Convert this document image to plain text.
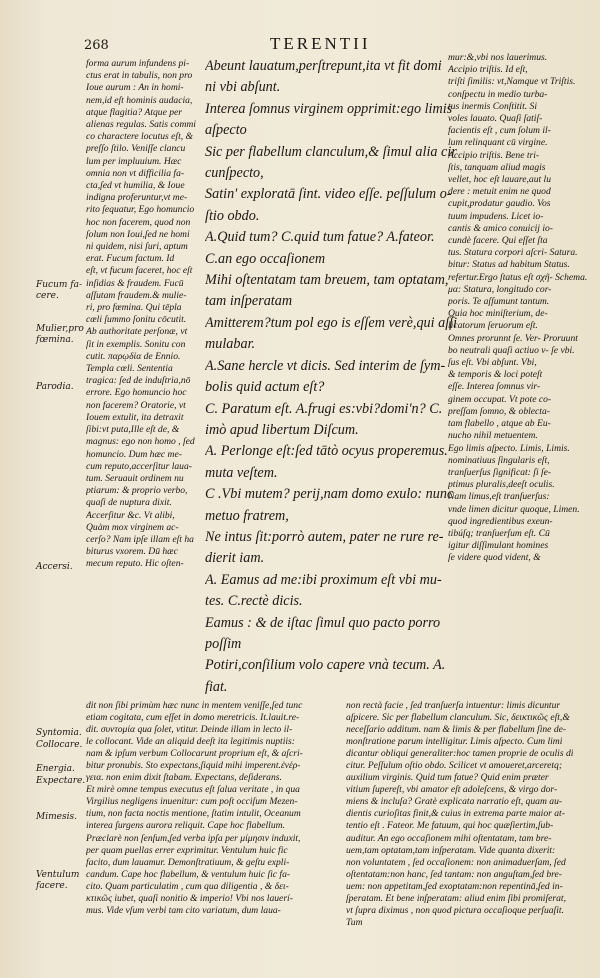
268	TERENTII
Fucum fa-cere.
Mulier,pro fœmina.
Parodia.
Accersi.
Syntomia.
Collocare.
Energia.
Expectare.
Mimesis.
Ventulum facere.
forma aurum infundens pi-
ctus erat in tabulis, non pro
Ioue aurum : An in homi-
nem,id eſt hominis audacia,
atque flagitia? Atque per
alienas regulas. Satis commi
co charactere locutus eſt, &
preſſo ſtilo. Veniſſe clancu
lum per impluuium. Hæc
omnia non vt difficilia fa-
cta,ſed vt humilia, & Ioue
indigna proferuntur,vt me-
rito ſequatur, Ego homuncio
hoc non facerem, quod non
ſolum non Ioui,ſed ne homi
ni quidem, nisi ſuri, aptum
erat. Fucum factum. Id
eſt, vt fucum faceret, hoc eſt
inſidias & fraudem. Fucū
aſſutam fraudem.& mulie-
ri, pro fœmina. Qui tēpla
cœli ſummo ſonitu cōcutit.
Ab authoritate perſonæ, vt
ſit in exemplis. Sonitu con
cutit. παρῳδία de Ennio.
Templa cœli. Sententia
tragica: ſed de induſtria,nō
errore. Ego homuncio hoc
non facerem? Oratorie, vt
Iouem extulit, ita detraxit
ſibi:vt puta,Ille eſt de, &
magnus: ego non homo , ſed
homuncio. Dum hæc me-
cum reputo,accerſitur laua-
tum. Seruauit ordinem nu
ptiarum: & proprio verbo,
quaſi de nuptura dixit.
Accerſitur &c. Vt alibi,
Quàm mox virginem ac-
cerſo? Nam ipſe illam eſt ha
biturus vxorem. Dū hæc
mecum reputo. Hic oſten-
Abeunt lauatum,perſtrepunt,ita vt fit domi
ni vbi abſunt.
Interea ſomnus virginem opprimit:ego limis
aſpecto
Sic per flabellum clanculum,& ſimul alia cir
cunſpecto,
Satin' exploratā ſint. video eſſe. peſſulum o-
ſtio obdo.
A.Quid tum? C.quid tum fatue? A.fateor.
C.an ego occaſionem
Mihi oſtentatam tam breuem, tam optatam,
tam inſperatam
Amitterem?tum pol ego is eſſem verè,qui aſſi
mulabar.
A.Sane hercle vt dicis. Sed interim de ſym-
bolis quid actum eſt?
C. Paratum eſt. A.frugi es:vbi?domi'n? C.
imò apud libertum Diſcum.
A. Perlonge eſt:ſed tātò ocyus properemus.
muta veſtem.
C .Vbi mutem? perij,nam domo exulo: nunc
metuo fratrem,
Ne intus ſit:porrò autem, pater ne rure re-
dierit iam.
A. Eamus ad me:ibi proximum eſt vbi mu-
tes. C.rectè dicis.
Eamus : & de iſtac ſimul quo pacto porro
poſſim
Potiri,conſilium volo capere vnà tecum. A.
fiat.
mur:&,vbi nos lauerimus.
Accipio triſtis. Id eſt,
triſti ſimilis: vt,Namque vt Triſtis.
conſpectu in medio turba-
tus inermis Conſtitit. Si
voles lauato. Quaſi ſatiſ-
facientis eſt , cum ſolum il-
lum relinquant cū virgine.
Accipio triſtis. Bene tri-
ſtis, tanquam aliud magis
vellet, hoc eſt lauare,aut lu
dere : metuit enim ne quod
cupit,prodatur gaudio. Vos
tuum impudens. Licet io-
cantis & amico conuicij io-
cundè facere. Qui eſſet ſta
tus. Statura corpori aſcri- Satura.
bitur: Status ad habitum Status.
refertur.Ergo ſtatus eſt σχῆ- Schema.
μα: Statura, longitudo cor-
poris. Te aſſumunt tantum.
Quia hoc miniſterium, de-
licatorum ſeruorum eſt.
Omnes prorunnt ſe. Ver- Proruunt
bo neutrali quaſi actiuo v- ſe vbi.
ſus eſt. Vbi abſunt. Vbi,
& temporis & loci poteſt
eſſe. Interea ſomnus vir-
ginem occupat. Vt pote co-
preſſam ſomno, & oblecta-
tam flabello , atque ab Eu-
nucho nihil metuentem.
Ego limis aſpecto. Limis, Limis.
nominatiuus ſingularis eſt,
tranſuerſus ſignificat: ſi ſe-
ptimus pluralis,deeſt oculis.
Nam limus,eſt tranſuerſus:
vnde limen dicitur quoque, Limen.
quod ingredientibus exeun-
tibúſq; tranſuerſum eſt. Cū
igitur diſſimulant homines
ſe videre quod vident, &
dit non ſibi primùm hæc nunc in mentem veniſſe,ſed tunc	non rectà facie , ſed tranſuerſa intuentur: limis dicuntur
etiam cogitata, cum eſſet in domo meretricis. It.lauit.re-	aſpicere. Sic per flabellum clanculum. Sic, δεικτικῶς eſt,&
dit. συντομία qua ſolet, vtitur. Deinde illam in lecto il-	neceſſario additum. nam & limis & per flabellum ſine de-
le collocant. Vide an aliquid deeſt ita legitimis nuptiis:	monſtratione parum intelligitur. Limis aſpecto. Cum limi
nam & ipſum verbum Collocarunt proprium eſt, & aſcri-	dicantur obliqui generaliter:hoc tamen proprie de oculis di
bitur pronubis. Sto expectans,ſiquid mihi imperent.ἐνέρ-	citur. Peſſulum oſtio obdo. Scilicet vt amoueret,arceretq;
γεια. non enim dixit ſtabam. Expectans, deſiderans.	auxilium virginis. Quid tum fatue? Quid enim præter
Et mirè omne tempus executus eſt ſalua veritate , in qua	vitium ſupereſt, vbi amator eſt adoleſcens, & virgo dor-
Virgilius negligens inuenitur: cum poſt occiſum Mezen-	miens & incluſa? Gratè explicata narratio eſt, quam au-
tium, non facta noctis mentione, ſtatim intulit, Oceanum	dientis curioſitas finit,& cuius in extrema parte maior at-
interea ſurgens aurora reliquit. Cape hoc flabellum.	tentio eſt . Fateor. Me fatuum, qui hoc quæſiertim,ſub-
Præclarè non ſenſum,ſed verba ipſa per μίμησιν induxit,	auditur. An ego occaſionem mihi oſtentatam, tam bre-
per quam puellas errer exprimitur. Ventulum huic fic	uem,tam optatam,tam inſperatam. Vide quanta dixerit:
facito, dum lauamur. Demonſtratiuum, & geſtu expli-	non voluntatem , ſed occaſionem: non animaduerſam, ſed
candum. Cape hoc flabellum, & ventulum huic ſic fa-	oſtentatam:non hanc, ſed tantam: non anguſtam,ſed bre-
cito. Quam particulatim , cum qua diligentia , & δει-	uem: non appetitam,ſed exoptatam:non repentinā,ſed in-
κτικῶς iubet, quaſi nonitio & imperio! Vbi nos lauerí-	ſperatam. Et bene inſperatam: aliud enim ſibi promiſerat,
mus. Vide vſum verbi tam cito variatum, dum laua-	vt ſupra diximus , non quod pictura occaſioque perſuaſit.
Tum
